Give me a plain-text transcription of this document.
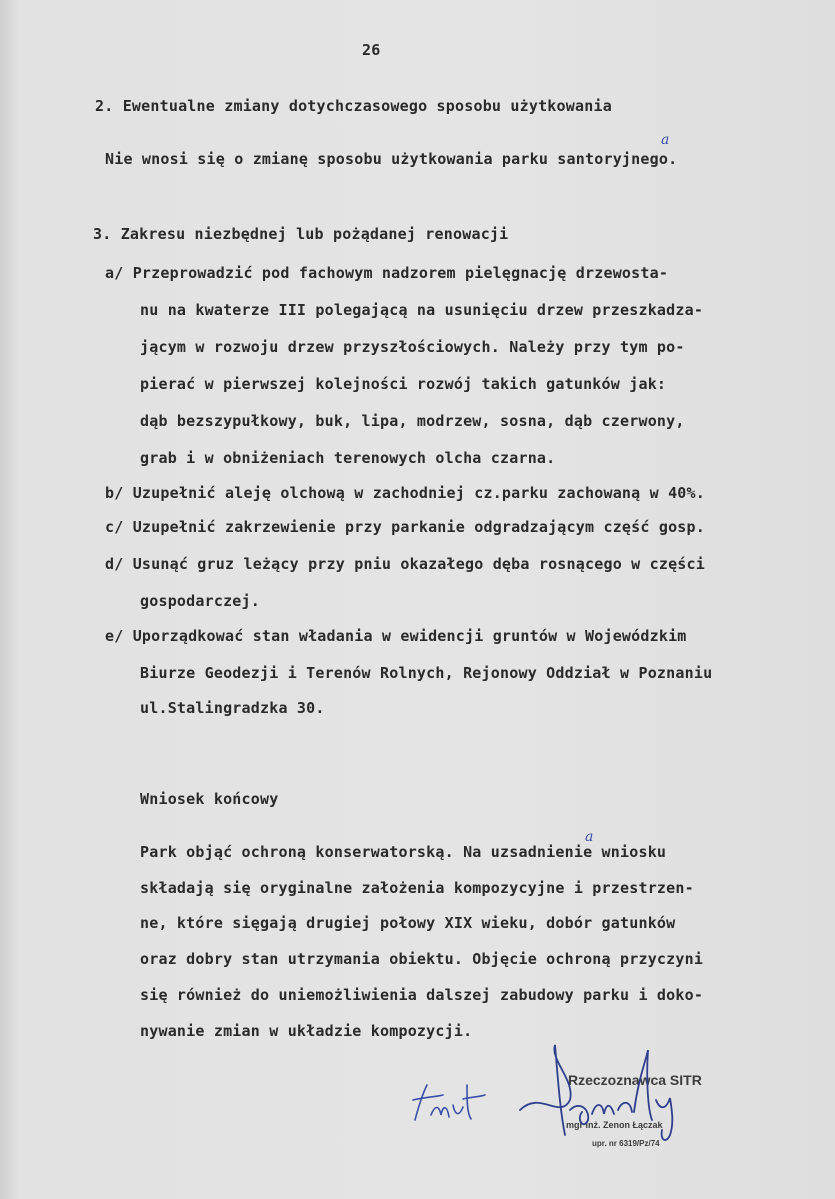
26
2. Ewentualne zmiany dotychczasowego sposobu użytkowania
Nie wnosi się o zmianę sposobu użytkowania parku santoryjnego.
a
3. Zakresu niezbędnej lub pożądanej renowacji
a/ Przeprowadzić pod fachowym nadzorem pielęgnację drzewosta-
nu na kwaterze III polegającą na usunięciu drzew przeszkadza-
jącym w rozwoju drzew przyszłościowych. Należy przy tym po-
pierać w pierwszej kolejności rozwój takich gatunków jak:
dąb bezszypułkowy, buk, lipa, modrzew, sosna, dąb czerwony,
grab i w obniżeniach terenowych olcha czarna.
b/ Uzupełnić aleję olchową w zachodniej cz.parku zachowaną w 40%.
c/ Uzupełnić zakrzewienie przy parkanie odgradzającym część gosp.
d/ Usunąć gruz leżący przy pniu okazałego dęba rosnącego w części
gospodarczej.
e/ Uporządkować stan władania w ewidencji gruntów w Wojewódzkim
Biurze Geodezji i Terenów Rolnych, Rejonowy Oddział w Poznaniu
ul.Stalingradzka 30.
Wniosek końcowy
a
Park objąć ochroną konserwatorską. Na uzsadnienie wniosku
składają się oryginalne założenia kompozycyjne i przestrzen-
ne, które sięgają drugiej połowy XIX wieku, dobór gatunków
oraz dobry stan utrzymania obiektu. Objęcie ochroną przyczyni
się również do uniemożliwienia dalszej zabudowy parku i doko-
nywanie zmian w układzie kompozycji.
Rzeczoznawca SITR
mgr inż. Zenon Łączak
upr. nr 6319/Pz/74
